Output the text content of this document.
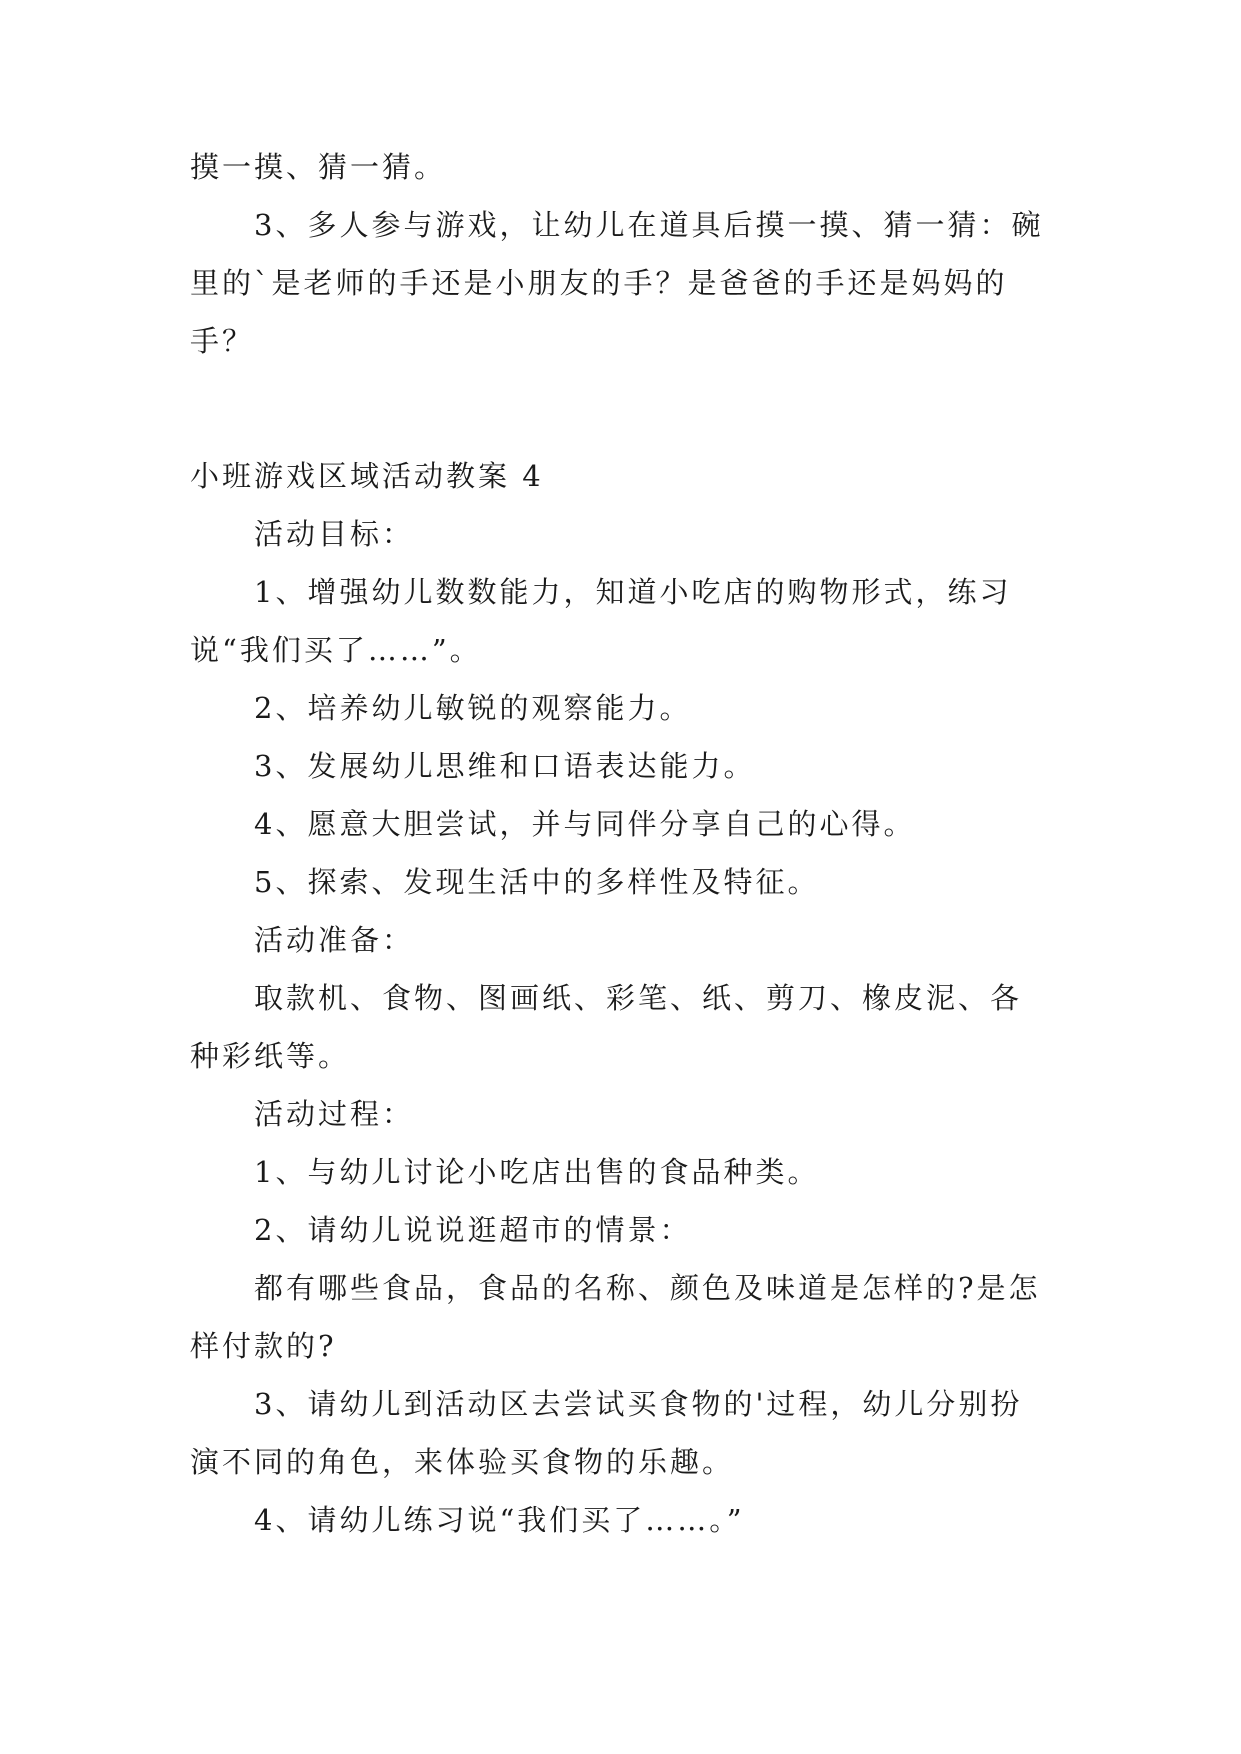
摸一摸、猜一猜。

3、多人参与游戏，让幼儿在道具后摸一摸、猜一猜：碗里的`是老师的手还是小朋友的手？是爸爸的手还是妈妈的手？

小班游戏区域活动教案 4

活动目标：

1、增强幼儿数数能力，知道小吃店的购物形式，练习说“我们买了……”。

2、培养幼儿敏锐的观察能力。

3、发展幼儿思维和口语表达能力。

4、愿意大胆尝试，并与同伴分享自己的心得。

5、探索、发现生活中的多样性及特征。

活动准备：

取款机、食物、图画纸、彩笔、纸、剪刀、橡皮泥、各种彩纸等。

活动过程：

1、与幼儿讨论小吃店出售的食品种类。

2、请幼儿说说逛超市的情景：

都有哪些食品，食品的名称、颜色及味道是怎样的?是怎样付款的?

3、请幼儿到活动区去尝试买食物的'过程，幼儿分别扮演不同的角色，来体验买食物的乐趣。

4、请幼儿练习说“我们买了……。”
